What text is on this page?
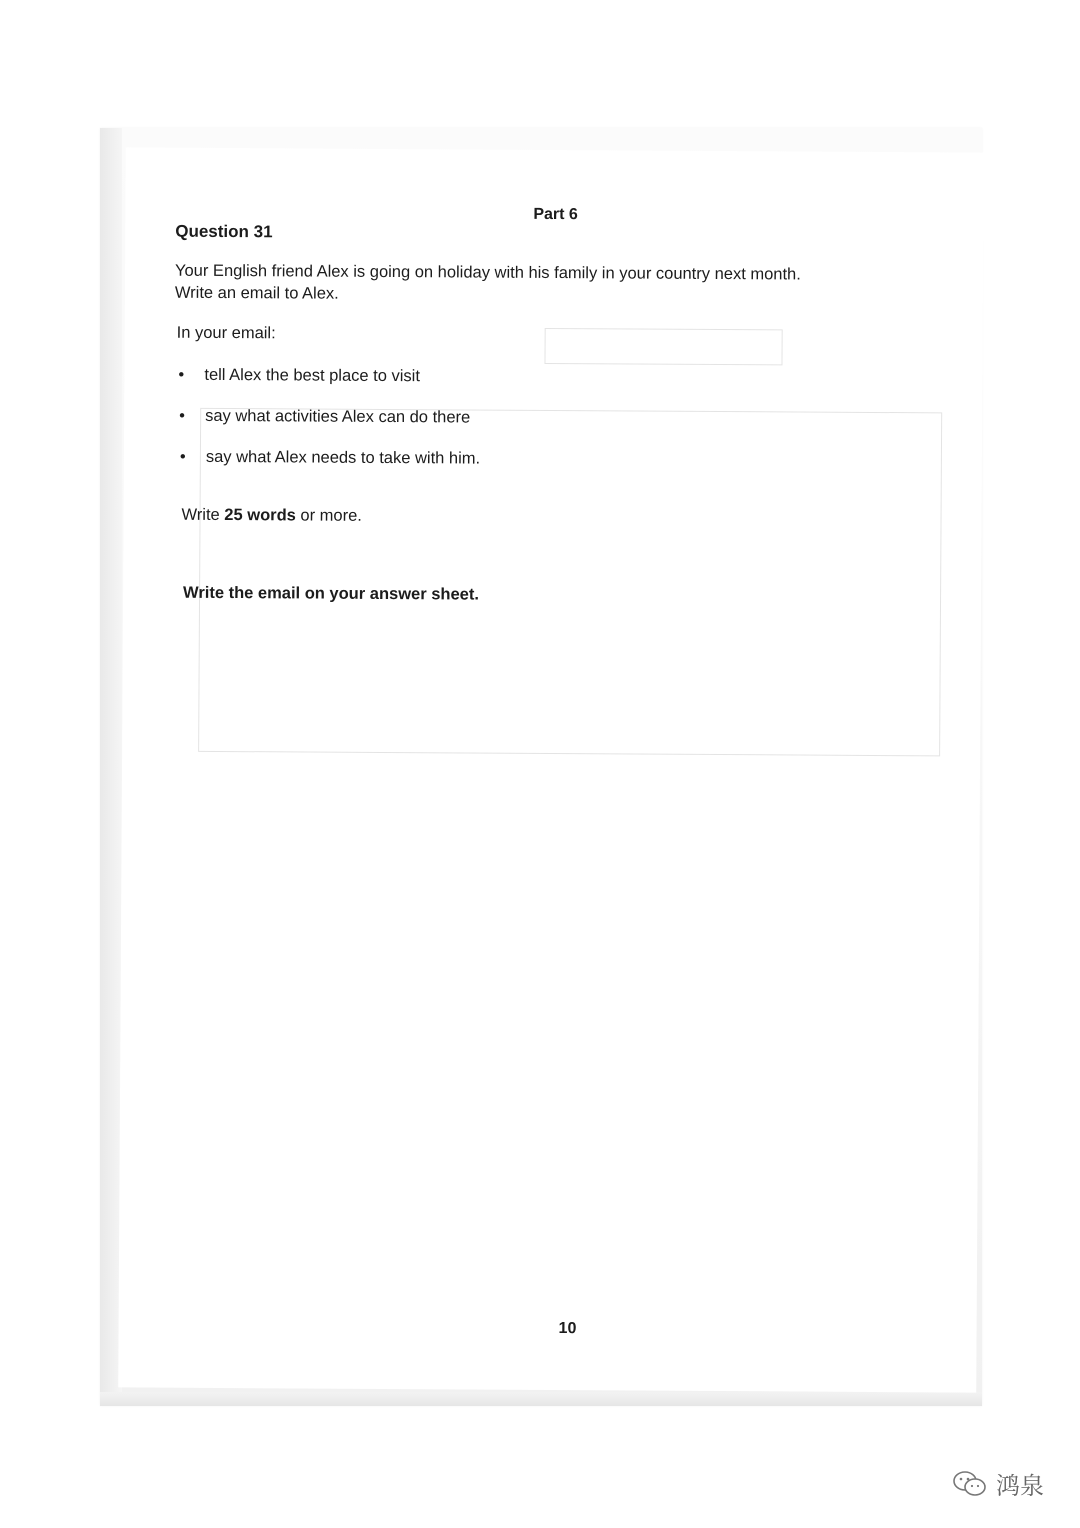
Part 6
Question 31
Your English friend Alex is going on holiday with his family in your country next month.
Write an email to Alex.
In your email:
• tell Alex the best place to visit
• say what activities Alex can do there
• say what Alex needs to take with him.
Write 25 words or more.
Write the email on your answer sheet.
10
鸿泉
